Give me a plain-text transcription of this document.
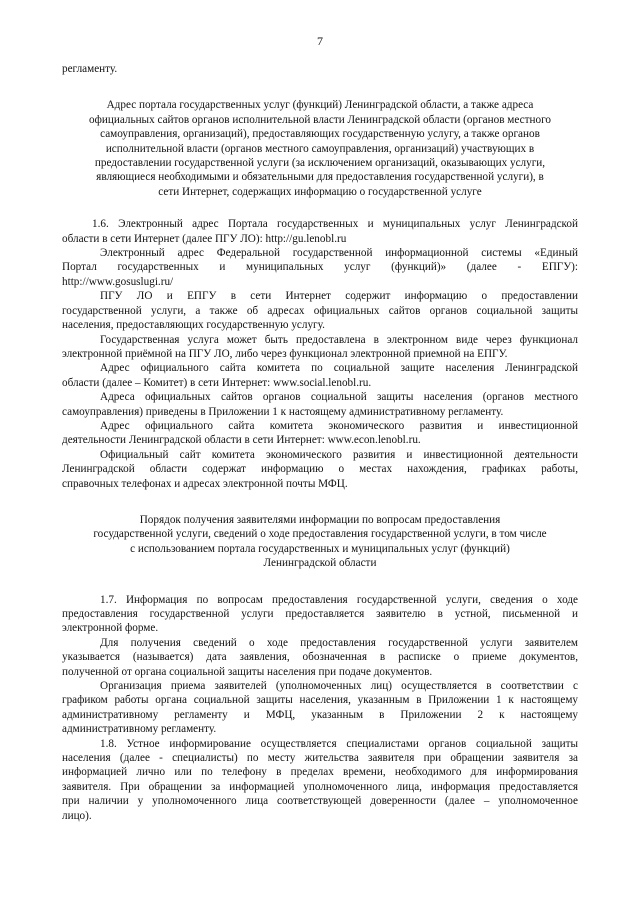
7
регламенту.
Адрес портала государственных услуг (функций) Ленинградской области, а также адреса
официальных сайтов органов исполнительной власти Ленинградской области (органов местного
самоуправления, организаций), предоставляющих государственную услугу, а также органов
исполнительной власти (органов местного самоуправления, организаций) участвующих в
предоставлении государственной услуги (за исключением организаций, оказывающих услуги,
являющиеся необходимыми и обязательными для предоставления государственной услуги), в
сети Интернет, содержащих информацию о государственной услуге
1.6. Электронный адрес Портала государственных и муниципальных услуг Ленинградской
области в сети Интернет (далее ПГУ ЛО): http://gu.lenobl.ru
Электронный адрес Федеральной государственной информационной системы «Единый
Портал государственных и муниципальных услуг (функций)» (далее - ЕПГУ):
http://www.gosuslugi.ru/
ПГУ ЛО и ЕПГУ в сети Интернет содержит информацию о предоставлении
государственной услуги, а также об адресах официальных сайтов органов социальной защиты
населения, предоставляющих государственную услугу.
Государственная услуга может быть предоставлена в электронном виде через функционал
электронной приёмной на ПГУ ЛО, либо через функционал электронной приемной на ЕПГУ.
Адрес официального сайта комитета по социальной защите населения Ленинградской
области (далее – Комитет) в сети Интернет: www.social.lenobl.ru.
Адреса официальных сайтов органов социальной защиты населения (органов местного
самоуправления) приведены в Приложении 1 к настоящему административному регламенту.
Адрес официального сайта комитета экономического развития и инвестиционной
деятельности Ленинградской области в сети Интернет: www.econ.lenobl.ru.
Официальный сайт комитета экономического развития и инвестиционной деятельности
Ленинградской области содержат информацию о местах нахождения, графиках работы,
справочных телефонах и адресах электронной почты МФЦ.
Порядок получения заявителями информации по вопросам предоставления
государственной услуги, сведений о ходе предоставления государственной услуги, в том числе
с использованием портала государственных и муниципальных услуг (функций)
Ленинградской области
1.7. Информация по вопросам предоставления государственной услуги, сведения о ходе
предоставления государственной услуги предоставляется заявителю в устной, письменной и
электронной форме.
Для получения сведений о ходе предоставления государственной услуги заявителем
указывается (называется) дата заявления, обозначенная в расписке о приеме документов,
полученной от органа социальной защиты населения при подаче документов.
Организация приема заявителей (уполномоченных лиц) осуществляется в соответствии с
графиком работы органа социальной защиты населения, указанным в Приложении 1 к настоящему
административному регламенту и МФЦ, указанным в Приложении 2 к настоящему
административному регламенту.
1.8. Устное информирование осуществляется специалистами органов социальной защиты
населения (далее - специалисты) по месту жительства заявителя при обращении заявителя за
информацией лично или по телефону в пределах времени, необходимого для информирования
заявителя. При обращении за информацией уполномоченного лица, информация предоставляется
при наличии у уполномоченного лица соответствующей доверенности (далее – уполномоченное
лицо).
